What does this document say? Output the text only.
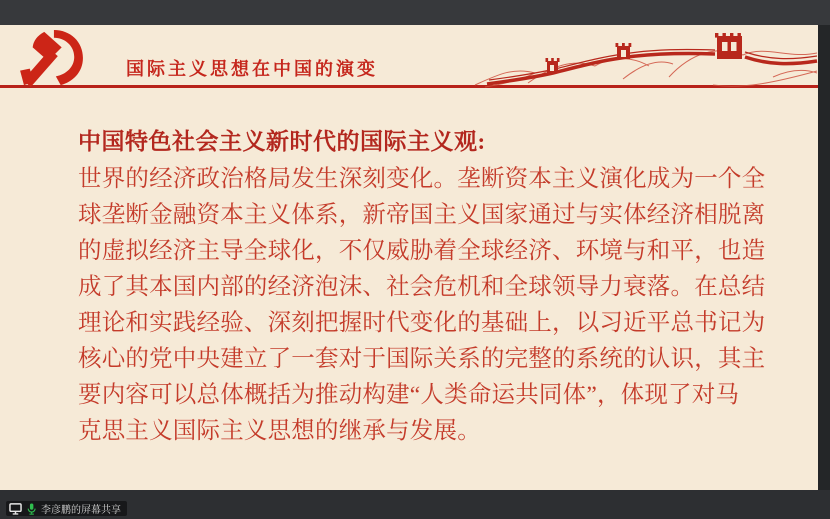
国际主义思想在中国的演变
中国特色社会主义新时代的国际主义观:
世界的经济政治格局发生深刻变化。垄断资本主义演化成为一个全
球垄断金融资本主义体系，新帝国主义国家通过与实体经济相脱离
的虚拟经济主导全球化，不仅威胁着全球经济、环境与和平，也造
成了其本国内部的经济泡沫、社会危机和全球领导力衰落。在总结
理论和实践经验、深刻把握时代变化的基础上，以习近平总书记为
核心的党中央建立了一套对于国际关系的完整的系统的认识，其主
要内容可以总体概括为推动构建“人类命运共同体”，体现了对马
克思主义国际主义思想的继承与发展。
李彦鹏的屏幕共享
